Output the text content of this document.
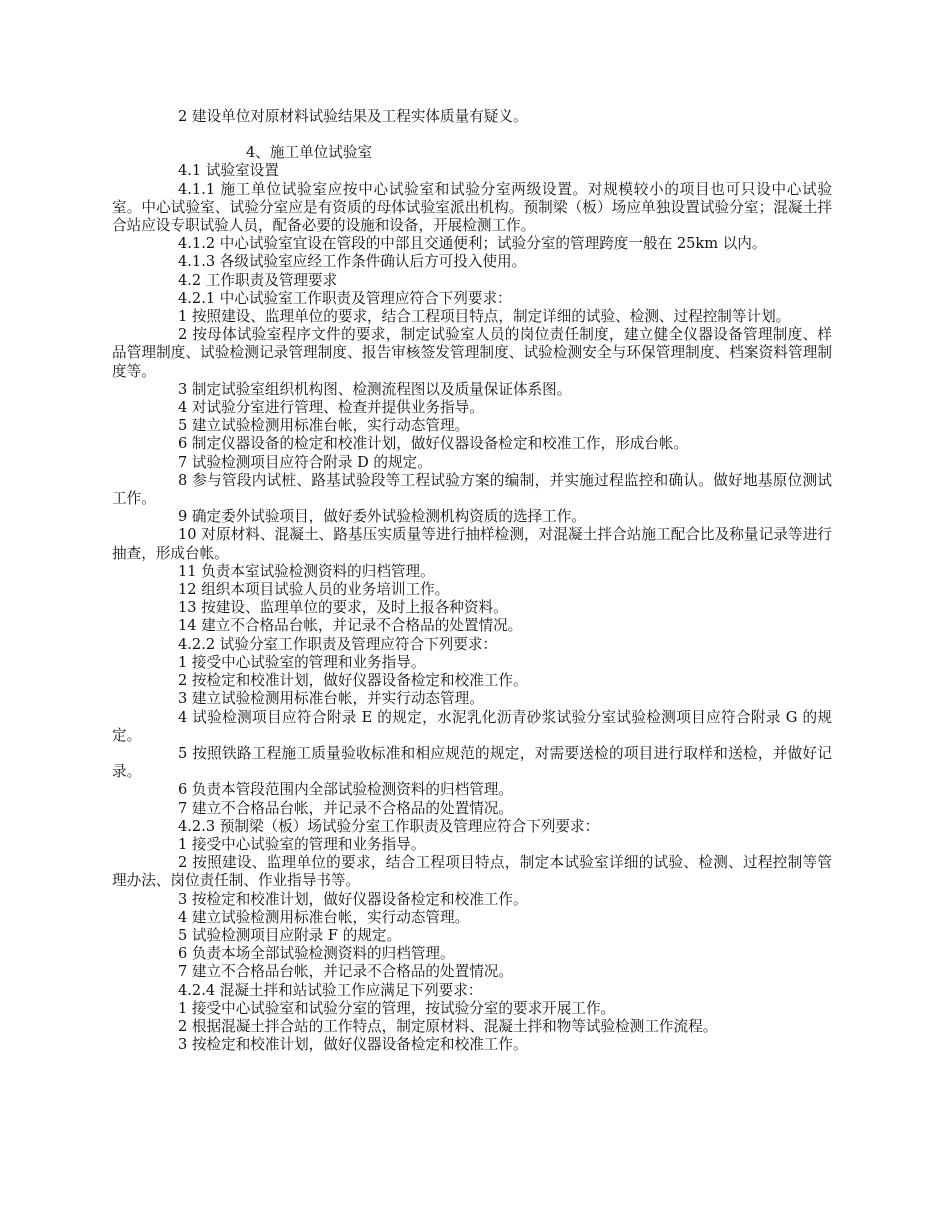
2 建设单位对原材料试验结果及工程实体质量有疑义。

4、施工单位试验室

4.1 试验室设置

4.1.1 施工单位试验室应按中心试验室和试验分室两级设置。对规模较小的项目也可只设中心试验室。中心试验室、试验分室应是有资质的母体试验室派出机构。预制梁（板）场应单独设置试验分室；混凝土拌合站应设专职试验人员，配备必要的设施和设备，开展检测工作。

4.1.2 中心试验室宜设在管段的中部且交通便利；试验分室的管理跨度一般在 25km 以内。

4.1.3 各级试验室应经工作条件确认后方可投入使用。

4.2 工作职责及管理要求

4.2.1 中心试验室工作职责及管理应符合下列要求：

1 按照建设、监理单位的要求，结合工程项目特点，制定详细的试验、检测、过程控制等计划。

2 按母体试验室程序文件的要求，制定试验室人员的岗位责任制度，建立健全仪器设备管理制度、样品管理制度、试验检测记录管理制度、报告审核签发管理制度、试验检测安全与环保管理制度、档案资料管理制度等。

3 制定试验室组织机构图、检测流程图以及质量保证体系图。

4 对试验分室进行管理、检查并提供业务指导。

5 建立试验检测用标准台帐，实行动态管理。

6 制定仪器设备的检定和校准计划，做好仪器设备检定和校准工作，形成台帐。

7 试验检测项目应符合附录 D 的规定。

8 参与管段内试桩、路基试验段等工程试验方案的编制，并实施过程监控和确认。做好地基原位测试工作。

9 确定委外试验项目，做好委外试验检测机构资质的选择工作。

10 对原材料、混凝土、路基压实质量等进行抽样检测，对混凝土拌合站施工配合比及称量记录等进行抽查，形成台帐。

11 负责本室试验检测资料的归档管理。

12 组织本项目试验人员的业务培训工作。

13 按建设、监理单位的要求，及时上报各种资料。

14 建立不合格品台帐，并记录不合格品的处置情况。

4.2.2 试验分室工作职责及管理应符合下列要求：

1 接受中心试验室的管理和业务指导。

2 按检定和校准计划，做好仪器设备检定和校准工作。

3 建立试验检测用标准台帐，并实行动态管理。

4 试验检测项目应符合附录 E 的规定，水泥乳化沥青砂浆试验分室试验检测项目应符合附录 G 的规定。

5 按照铁路工程施工质量验收标准和相应规范的规定，对需要送检的项目进行取样和送检，并做好记录。

6 负责本管段范围内全部试验检测资料的归档管理。

7 建立不合格品台帐，并记录不合格品的处置情况。

4.2.3 预制梁（板）场试验分室工作职责及管理应符合下列要求：

1 接受中心试验室的管理和业务指导。

2 按照建设、监理单位的要求，结合工程项目特点，制定本试验室详细的试验、检测、过程控制等管理办法、岗位责任制、作业指导书等。

3 按检定和校准计划，做好仪器设备检定和校准工作。

4 建立试验检测用标准台帐，实行动态管理。

5 试验检测项目应附录 F 的规定。

6 负责本场全部试验检测资料的归档管理。

7 建立不合格品台帐，并记录不合格品的处置情况。

4.2.4 混凝土拌和站试验工作应满足下列要求：

1 接受中心试验室和试验分室的管理，按试验分室的要求开展工作。

2 根据混凝土拌合站的工作特点，制定原材料、混凝土拌和物等试验检测工作流程。

3 按检定和校准计划，做好仪器设备检定和校准工作。
